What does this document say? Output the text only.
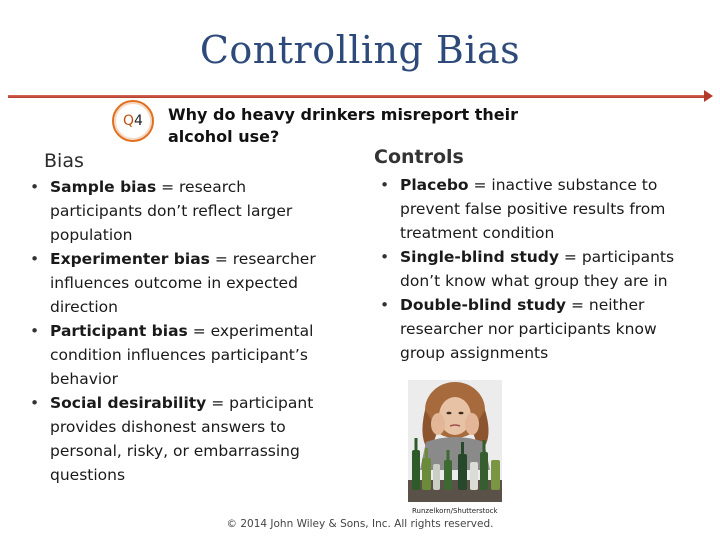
Controlling Bias
Q4	Why do heavy drinkers misreport their alcohol use?
Bias
• Sample bias = research participants don’t reflect larger population
• Experimenter bias = researcher influences outcome in expected direction
• Participant bias = experimental condition influences participant’s behavior
• Social desirability = participant provides dishonest answers to personal, risky, or embarrassing questions
Controls
• Placebo = inactive substance to prevent false positive results from treatment condition
• Single-blind study = participants don’t know what group they are in
• Double-blind study = neither researcher nor participants know group assignments
Runzelkorn/Shutterstock
© 2014 John Wiley & Sons, Inc. All rights reserved.
